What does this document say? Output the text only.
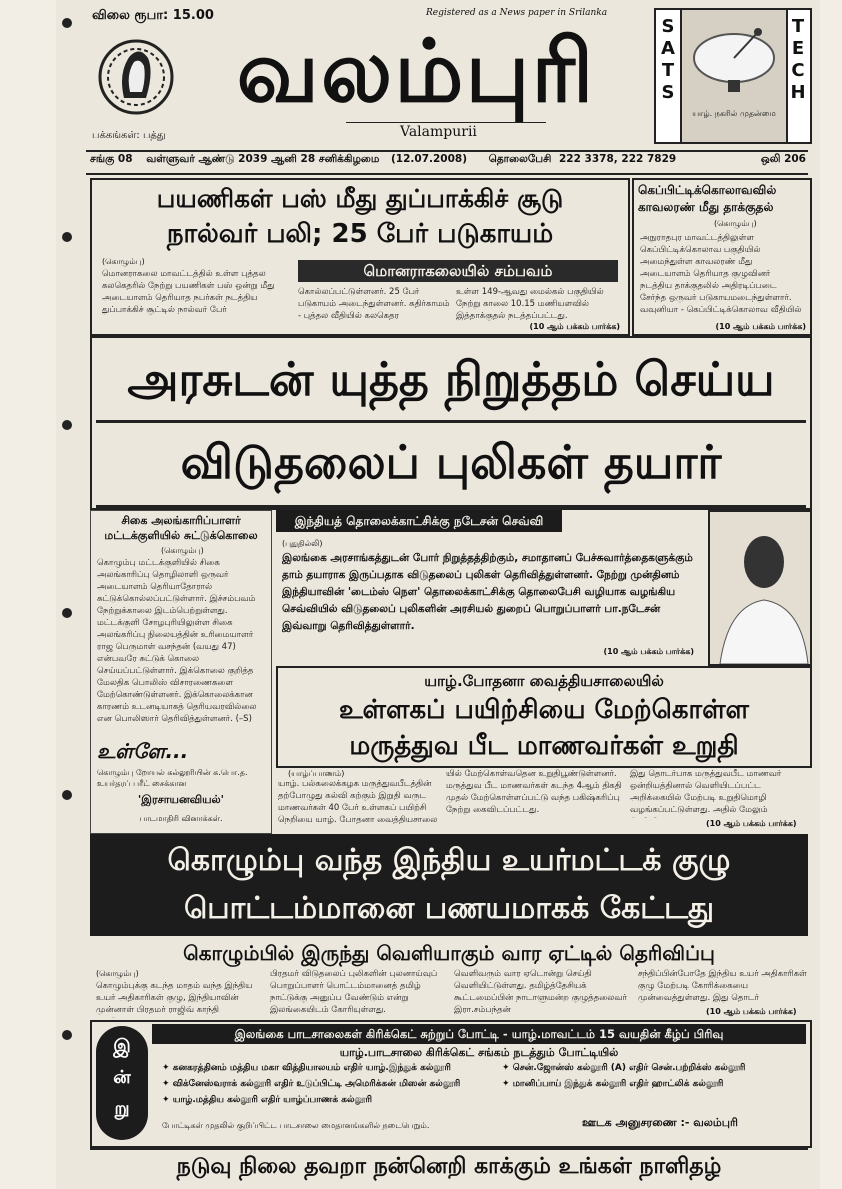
விலை ரூபா: 15.00	Registered as a News paper in Srilanka
வலம்புரி
Valampurii
பக்கங்கள்: பத்து
SATS
TECH
யாழ். நகரில் முதன்மை
சங்கு 08 வள்ளுவர் ஆண்டு 2039 ஆனி 28 சனிக்கிழமை (12.07.2008) தொலைபேசி 222 3378, 222 7829	ஒலி 206
பயணிகள் பஸ் மீது துப்பாக்கிச் சூடு
நால்வர் பலி; 25 பேர் படுகாயம்
(கொழும்பு)
மொனராகலை மாவட்டத்தில் உள்ள புத்தல கலகெதரில் நேற்று பயணிகள் பஸ் ஒன்று மீது அடையாளம் தெரியாத நபர்கள் நடத்திய துப்பாக்கிச் சூட்டில் நால்வர் பேர்
மொனராகலையில் சம்பவம்
கொல்லப்பட்டுள்ளனர். 25 பேர் படுகாயம் அடைந்துள்ளனர். கதிர்காமம் - புத்தல வீதியில் கலகெதர
உள்ள 149-ஆவது மைல்கல் பகுதியில் நேற்று காலை 10.15 மணியளவில் இத்தாக்குதல் நடத்தப்பட்டது.
(10 ஆம் பக்கம் பார்க்க)
கெப்பிட்டிக்கொலாவவில் காவலரண் மீது தாக்குதல்
(கொழும்பு)
அநுராதபுர மாவட்டத்திலுள்ள கெப்பிட்டிக்கொலாவ பகுதியில் அமைந்துள்ள காவலரண் மீது அடையாளம் தெரியாத குழுவினர் நடத்திய தாக்குதலில் அதிரடிப்படை சேர்ந்த ஒருவர் படுகாயமடைந்துள்ளார். வவுனியா - கெப்பிட்டிக்கொலாவ வீதியில்
(10 ஆம் பக்கம் பார்க்க)
அரசுடன் யுத்த நிறுத்தம் செய்ய
விடுதலைப் புலிகள் தயார்
சிகை அலங்காரிப்பாளர் மட்டக்குளியில் சுட்டுக்கொலை
(கொழும்பு)
கொழும்பு மட்டக்குளியில் சிகை அலங்காரிப்பு தொழிலாளி ஒருவர் அடையாளம் தெரியாதோரால் சுட்டுக்கொல்லப்பட்டுள்ளார். இச்சம்பவம் நேற்றுக்காலை இடம்பெற்றுள்ளது. மட்டக்குளி சோழபுரியிலுள்ள சிகை அலங்கரிப்பு நிலையத்தின் உரிமையாளர் ராஜ பெருமாள் வசந்தன் (வயது 47) என்பவரே சுட்டுக் கொலை செய்யப்பட்டுள்ளார். இக்கொலை குறித்த மேலதிக பொலிஸ் விசாரணைகளை மேற்கொண்டுள்ளனர். இக்கொலைக்கான காரணம் உடனடியாகத் தெரியவரவில்லை என பொலிஸார் தெரிவித்துள்ளனர். (–S)
உள்ளே...
கொழும்பு றோயல் கல்லூரியின் க.பொ.த. உயர்தரப் பரீட் சைக்கான
'இரசாயனவியல்'
பாடமாதிரி வினாக்கள்.
இந்தியத் தொலைக்காட்சிக்கு நடேசன் செவ்வி
(புதுதில்லி)
இலங்கை அரசாங்கத்துடன் போர் நிறுத்தத்திற்கும், சமாதானப் பேச்சுவார்த்தைகளுக்கும் தாம் தயாராக இருப்பதாக விடுதலைப் புலிகள் தெரிவித்துள்ளனர். நேற்று முன்தினம் இந்தியாவின் 'டைம்ஸ் நௌ' தொலைக்காட்சிக்கு தொலைபேசி வழியாக வழங்கிய செவ்வியில் விடுதலைப் புலிகளின் அரசியல் துறைப் பொறுப்பாளர் பா.நடேசன் இவ்வாறு தெரிவித்துள்ளார்.
(10 ஆம் பக்கம் பார்க்க)
யாழ்.போதனா வைத்தியசாலையில்
உள்ளகப் பயிற்சியை மேற்கொள்ள
மருத்துவ பீட மாணவர்கள் உறுதி
(யாழ்ப்பாணம்)
யாழ். பல்கலைக்கழக மருத்துவபீடத்தின் தற்போழுது கல்வி கற்கும் இறுதி வருட மாணவர்கள் 40 பேர் உள்ளகப் பயிற்சி நெறியை யாழ். போதனா வைத்தியசாலை
யில் மேற்கொள்வதென உறுதிபூண்டுள்ளனர். மருத்துவ பீட மாணவர்கள் கடந்த 4ஆம் திகதி முதல் மேற்கொள்ளப்பட்டு வந்த பகிஷ்கரிப்பு நேற்று கைவிடப்பட்டது.
இது தொடர்பாக மருத்துவபீட மாணவர் ஒன்றியத்தினால் வெளியிடப்பட்ட அறிக்கையில் மேற்படி உறுதிமொழி வழங்கப்பட்டுள்ளது. அதில் மேலும்
(10 ஆம் பக்கம் பார்க்க)
கொழும்பு வந்த இந்திய உயர்மட்டக் குழு
பொட்டம்மானை பணயமாகக் கேட்டது
கொழும்பில் இருந்து வெளியாகும் வார ஏட்டில் தெரிவிப்பு
(கொழும்பு)
கொழும்புக்கு கடந்த மாதம் வந்த இந்திய உயர் அதிகாரிகள் குழு, இந்தியாவின் முன்னாள் பிரதமர் ராஜிவ் காந்தி
பிரதமர் விடுதலைப் புலிகளின் புலனாய்வுப் பொறுப்பாளர் பொட்டம்மானைத் தமிழ் நாட்டுக்கு அனுப்ப வேண்டும் என்று இலங்கையிடம் கோரியுள்ளது.
வெளிவரும் வார ஏடொன்று செய்தி வெளியிட்டுள்ளது. தமிழ்த்தேசியக் கூட்டமைப்பின் நாடாளுமன்ற குழுத்தலைவர் இரா.சம்பந்தன்
சந்திப்பின்போதே இந்திய உயர் அதிகாரிகள் குழு மேற்படி கோரிக்கையை முன்வைத்துள்ளது. இது தொடர்
(10 ஆம் பக்கம் பார்க்க)
இலங்கை பாடசாலைகள் கிரிக்கெட் சுற்றுப் போட்டி - யாழ்.மாவட்டம் 15 வயதின் கீழ்ப் பிரிவு
இ
ன்
று
யாழ்.பாடசாலை கிரிக்கெட் சங்கம் நடத்தும் போட்டியில்
✦ கனகரத்தினம் மத்திய மகா வித்தியாலயம் எதிர் யாழ்.இந்துக் கல்லூரி
✦ விக்னேஸ்வராக் கல்லூரி எதிர் உடுப்பிட்டி அமெரிக்கன் மிஸன் கல்லூரி
✦ யாழ்.மத்திய கல்லூரி எதிர் யாழ்ப்பாணக் கல்லூரி
✦ சென்.ஜோன்ஸ் கல்லூரி (A) எதிர் சென்.பற்றிக்ஸ் கல்லூரி
✦ மானிப்பாய் இந்துக் கல்லூரி எதிர் ஹாட்லிக் கல்லூரி
போட்டிகள் முதலில் குறிப்பிட்ட பாடசாலை மைதானங்களில் நடைபெறும்.	ஊடக அனுசரணை :- வலம்புரி
நடுவு நிலை தவறா நன்னெறி காக்கும் உங்கள் நாளிதழ்
